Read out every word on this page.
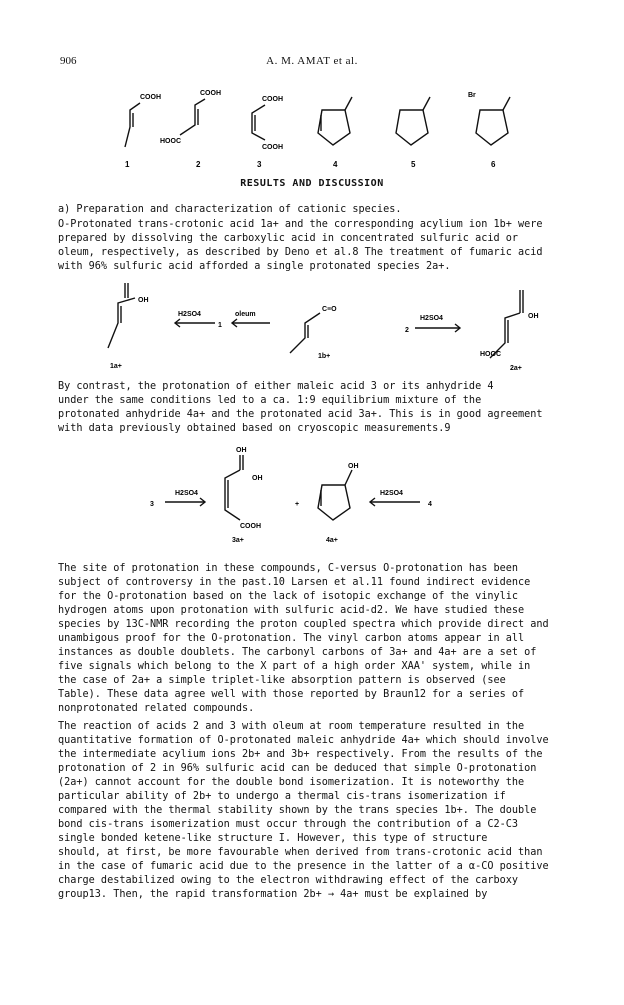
906	A. M. AMAT et al.
COOH
COOH
COOH
HOOC
COOH
Br
1	2	3	4	5	6
RESULTS AND DISCUSSION
a) Preparation and characterization of cationic species.
O-Protonated trans-crotonic acid 1a+ and the corresponding acylium ion 1b+ were
prepared by dissolving the carboxylic acid in concentrated sulfuric acid or
oleum, respectively, as described by Deno et al.8 The treatment of fumaric acid
with 96% sulfuric acid afforded a single protonated species 2a+.
OH
H2SO4	oleum
1
C≡O
H2SO4
2
OH
HOOC
1a+
1b+
2a+
By contrast, the protonation of either maleic acid 3 or its anhydride 4
under the same conditions led to a ca. 1:9 equilibrium mixture of the
protonated anhydride 4a+ and the protonated acid 3a+. This is in good agreement
with data previously obtained based on cryoscopic measurements.9
H2SO4
3
OH
OH
COOH
+
OH
H2SO4
4
3a+	4a+
The site of protonation in these compounds, C-versus O-protonation has been
subject of controversy in the past.10 Larsen et al.11 found indirect evidence
for the O-protonation based on the lack of isotopic exchange of the vinylic
hydrogen atoms upon protonation with sulfuric acid-d2. We have studied these
species by 13C-NMR recording the proton coupled spectra which provide direct and
unambigous proof for the O-protonation. The vinyl carbon atoms appear in all
instances as double doublets. The carbonyl carbons of 3a+ and 4a+ are a set of
five signals which belong to the X part of a high order XAA' system, while in
the case of 2a+ a simple triplet-like absorption pattern is observed (see
Table). These data agree well with those reported by Braun12 for a series of
nonprotonated related compounds.
The reaction of acids 2 and 3 with oleum at room temperature resulted in the
quantitative formation of O-protonated maleic anhydride 4a+ which should involve
the intermediate acylium ions 2b+ and 3b+ respectively. From the results of the
protonation of 2 in 96% sulfuric acid can be deduced that simple O-protonation
(2a+) cannot account for the double bond isomerization. It is noteworthy the
particular ability of 2b+ to undergo a thermal cis-trans isomerization if
compared with the thermal stability shown by the trans species 1b+. The double
bond cis-trans isomerization must occur through the contribution of a C2-C3
single bonded ketene-like structure I. However, this type of structure
should, at first, be more favourable when derived from trans-crotonic acid than
in the case of fumaric acid due to the presence in the latter of a α-CO positive
charge destabilized owing to the electron withdrawing effect of the carboxy
group13. Then, the rapid transformation 2b+ → 4a+ must be explained by
